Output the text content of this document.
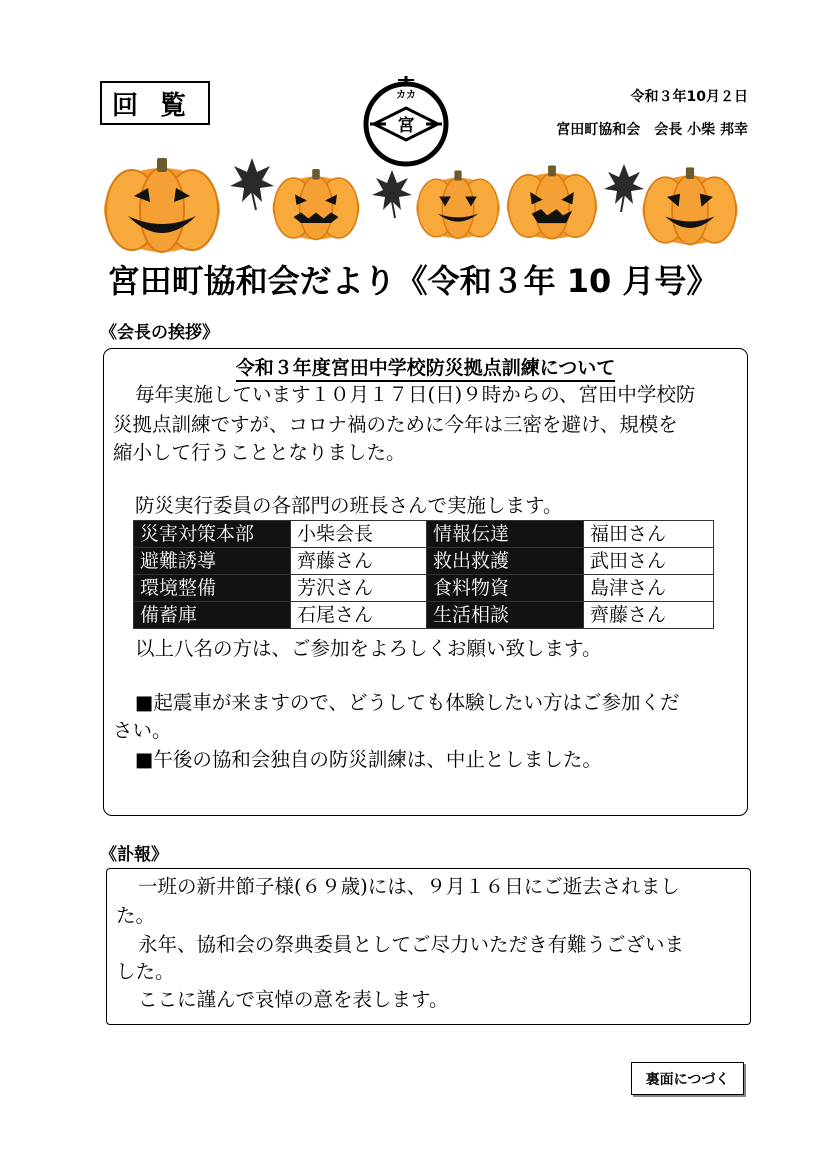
回覧	令和３年10月２日
宮田町協和会　会長 小柴 邦幸
カカ
宮
宮田町協和会だより《令和３年 10 月号》
《会長の挨拶》
令和３年度宮田中学校防災拠点訓練について
毎年実施しています１０月１７日(日)９時からの、宮田中学校防
災拠点訓練ですが、コロナ禍のために今年は三密を避け、規模を
縮小して行うこととなりました。
防災実行委員の各部門の班長さんで実施します。
災害対策本部	小柴会長	情報伝達	福田さん
避難誘導	齊藤さん	救出救護	武田さん
環境整備	芳沢さん	食料物資	島津さん
備蓄庫	石尾さん	生活相談	齊藤さん
以上八名の方は、ご参加をよろしくお願い致します。
■起震車が来ますので、どうしても体験したい方はご参加くだ
さい。
■午後の協和会独自の防災訓練は、中止としました。
《訃報》
一班の新井節子様(６９歳)には、９月１６日にご逝去されまし
た。
永年、協和会の祭典委員としてご尽力いただき有難うございま
した。
ここに謹んで哀悼の意を表します。
裏面につづく
